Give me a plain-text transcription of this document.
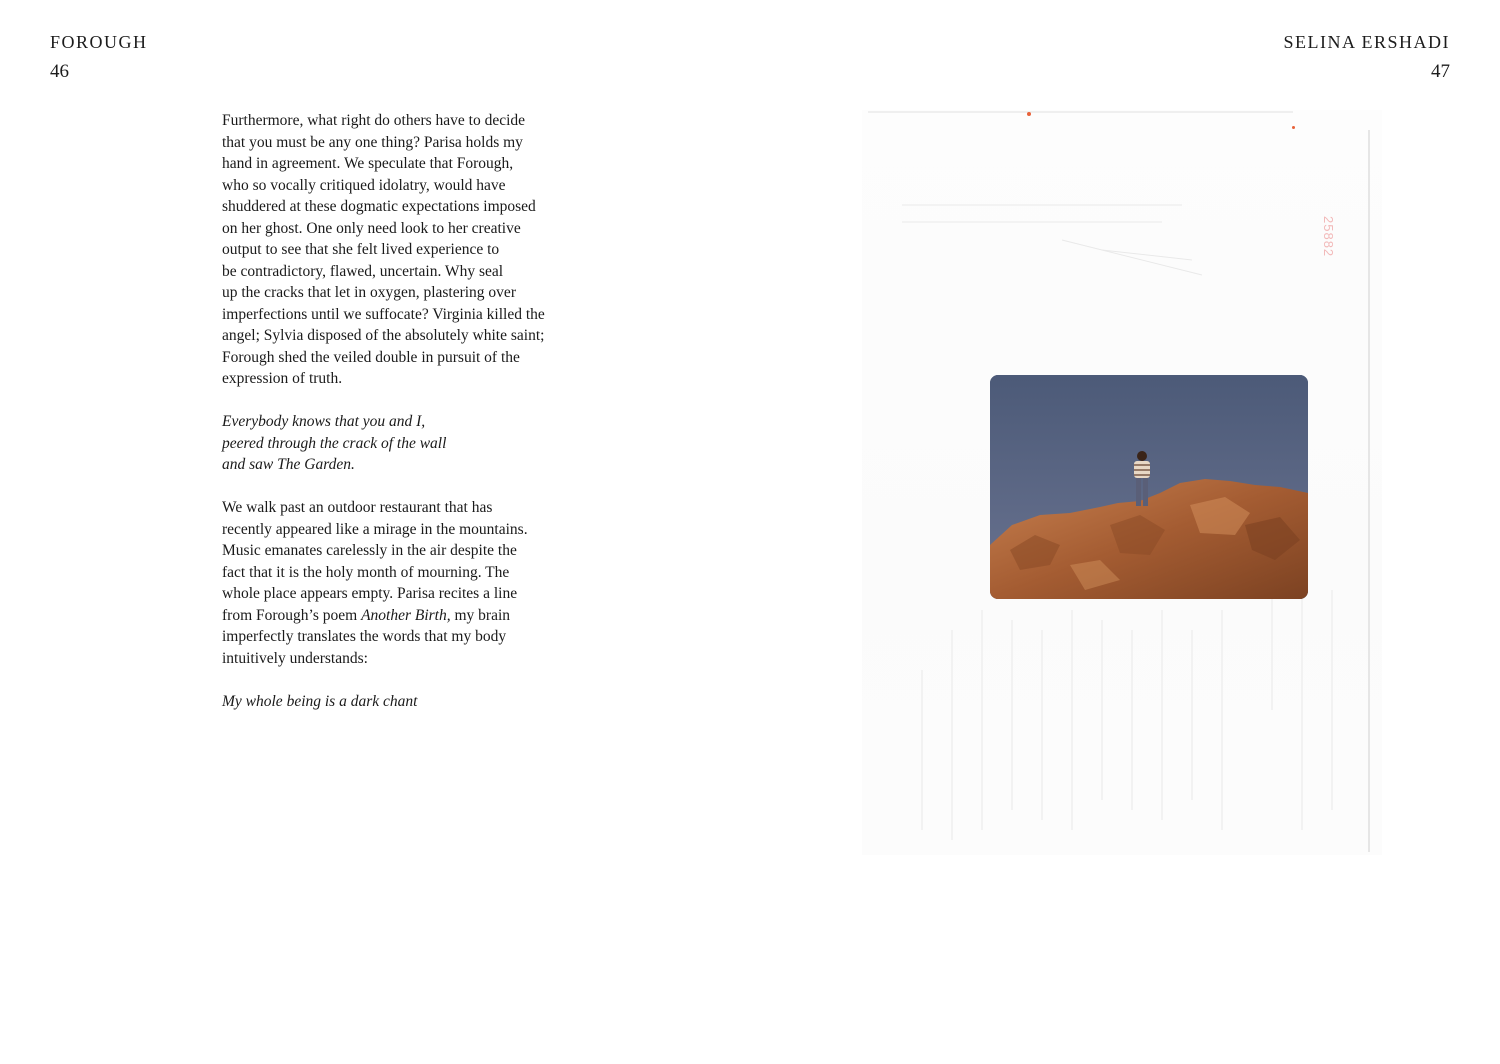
FOROUGH
46

Furthermore, what right do others have to decide
that you must be any one thing? Parisa holds my
hand in agreement. We speculate that Forough,
who so vocally critiqued idolatry, would have
shuddered at these dogmatic expectations imposed
on her ghost. One only need look to her creative
output to see that she felt lived experience to
be contradictory, flawed, uncertain. Why seal
up the cracks that let in oxygen, plastering over
imperfections until we suffocate? Virginia killed the
angel; Sylvia disposed of the absolutely white saint;
Forough shed the veiled double in pursuit of the
expression of truth.

Everybody knows that you and I,
peered through the crack of the wall
and saw The Garden.

We walk past an outdoor restaurant that has
recently appeared like a mirage in the mountains.
Music emanates carelessly in the air despite the
fact that it is the holy month of mourning. The
whole place appears empty. Parisa recites a line
from Forough’s poem Another Birth, my brain
imperfectly translates the words that my body
intuitively understands:

My whole being is a dark chant
SELINA ERSHADI
47
25882
